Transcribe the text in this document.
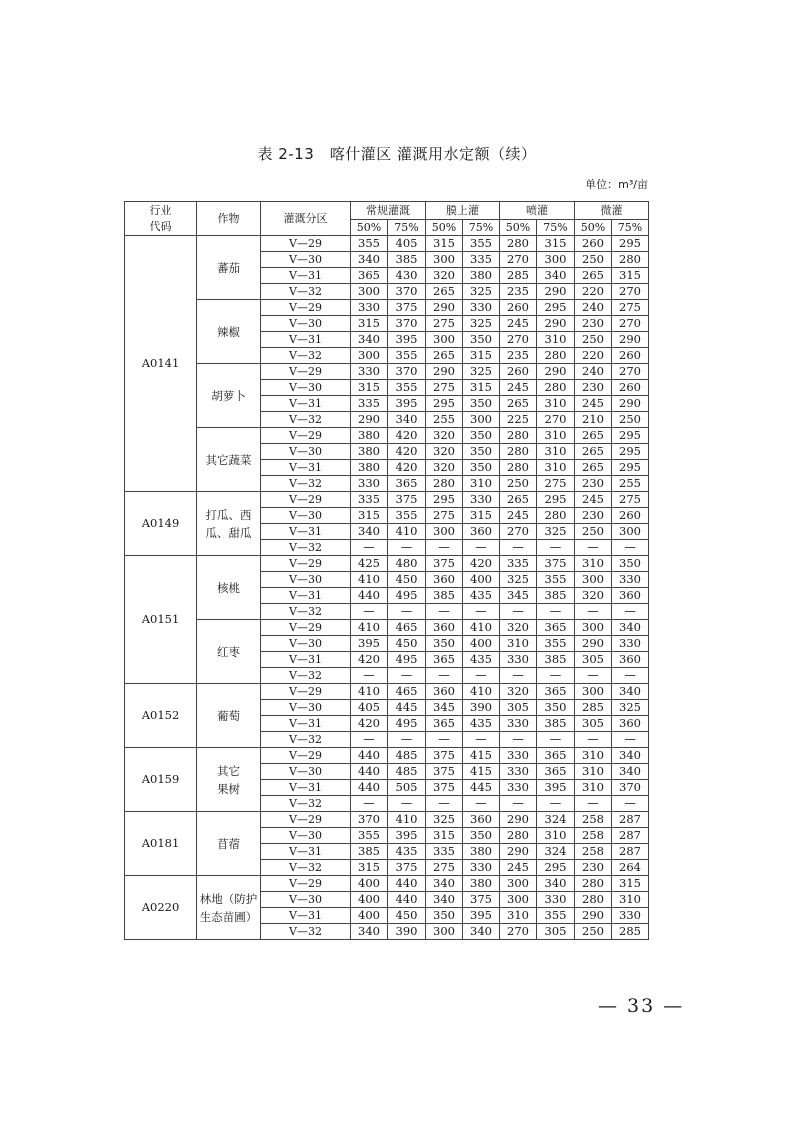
表 2-13　喀什灌区 灌溉用水定额（续）
单位：m³/亩
行业
代码	作物	灌溉分区	常规灌溉		膜上灌		喷灌		微灌	
			50%	75%	50%	75%	50%	75%	50%	75%
A0141	蕃茄	V—29	355	405	315	355	280	315	260	295
		V—30	340	385	300	335	270	300	250	280
		V—31	365	430	320	380	285	340	265	315
		V—32	300	370	265	325	235	290	220	270
	辣椒	V—29	330	375	290	330	260	295	240	275
		V—30	315	370	275	325	245	290	230	270
		V—31	340	395	300	350	270	310	250	290
		V—32	300	355	265	315	235	280	220	260
	胡萝卜	V—29	330	370	290	325	260	290	240	270
		V—30	315	355	275	315	245	280	230	260
		V—31	335	395	295	350	265	310	245	290
		V—32	290	340	255	300	225	270	210	250
	其它蔬菜	V—29	380	420	320	350	280	310	265	295
		V—30	380	420	320	350	280	310	265	295
		V—31	380	420	320	350	280	310	265	295
		V—32	330	365	280	310	250	275	230	255
A0149	打瓜、西
瓜、甜瓜	V—29	335	375	295	330	265	295	245	275
		V—30	315	355	275	315	245	280	230	260
		V—31	340	410	300	360	270	325	250	300
		V—32	—	—	—	—	—	—	—	—
A0151	核桃	V—29	425	480	375	420	335	375	310	350
		V—30	410	450	360	400	325	355	300	330
		V—31	440	495	385	435	345	385	320	360
		V—32	—	—	—	—	—	—	—	—
	红枣	V—29	410	465	360	410	320	365	300	340
		V—30	395	450	350	400	310	355	290	330
		V—31	420	495	365	435	330	385	305	360
		V—32	—	—	—	—	—	—	—	—
A0152	葡萄	V—29	410	465	360	410	320	365	300	340
		V—30	405	445	345	390	305	350	285	325
		V—31	420	495	365	435	330	385	305	360
		V—32	—	—	—	—	—	—	—	—
A0159	其它
果树	V—29	440	485	375	415	330	365	310	340
		V—30	440	485	375	415	330	365	310	340
		V—31	440	505	375	445	330	395	310	370
		V—32	—	—	—	—	—	—	—	—
A0181	苜蓿	V—29	370	410	325	360	290	324	258	287
		V—30	355	395	315	350	280	310	258	287
		V—31	385	435	335	380	290	324	258	287
		V—32	315	375	275	330	245	295	230	264
A0220	林地（防护
生态苗圃）	V—29	400	440	340	380	300	340	280	315
		V—30	400	440	340	375	300	330	280	310
		V—31	400	450	350	395	310	355	290	330
		V—32	340	390	300	340	270	305	250	285
— 33 —
